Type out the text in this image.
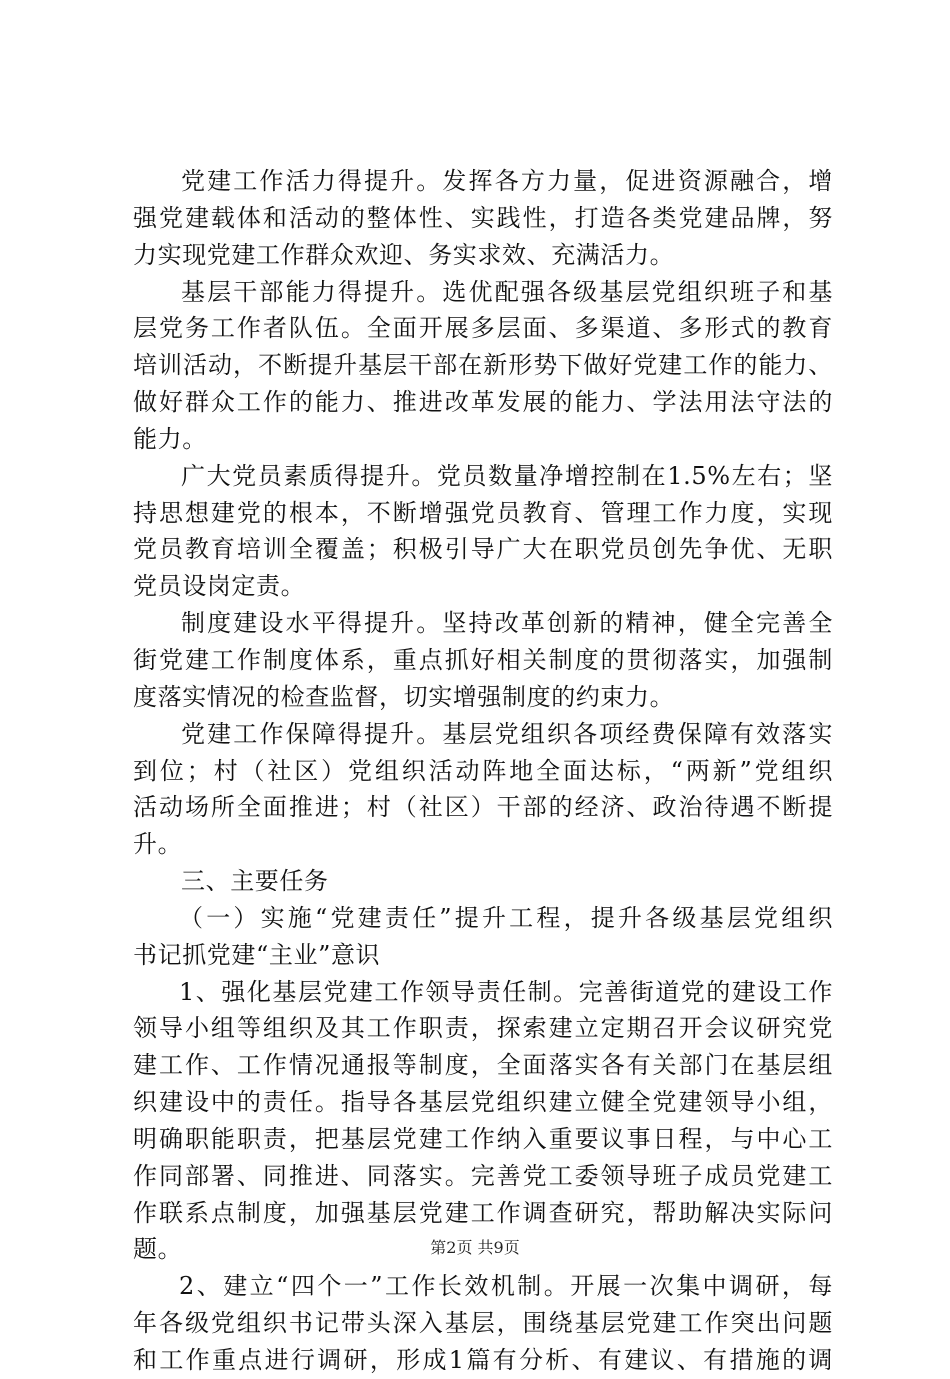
党建工作活力得提升。发挥各方力量，促进资源融合，增
强党建载体和活动的整体性、实践性，打造各类党建品牌，努
力实现党建工作群众欢迎、务实求效、充满活力。
基层干部能力得提升。选优配强各级基层党组织班子和基
层党务工作者队伍。全面开展多层面、多渠道、多形式的教育
培训活动，不断提升基层干部在新形势下做好党建工作的能力、
做好群众工作的能力、推进改革发展的能力、学法用法守法的
能力。
广大党员素质得提升。党员数量净增控制在1.5%左右；坚
持思想建党的根本，不断增强党员教育、管理工作力度，实现
党员教育培训全覆盖；积极引导广大在职党员创先争优、无职
党员设岗定责。
制度建设水平得提升。坚持改革创新的精神，健全完善全
街党建工作制度体系，重点抓好相关制度的贯彻落实，加强制
度落实情况的检查监督，切实增强制度的约束力。
党建工作保障得提升。基层党组织各项经费保障有效落实
到位；村（社区）党组织活动阵地全面达标，“两新”党组织
活动场所全面推进；村（社区）干部的经济、政治待遇不断提
升。
三、主要任务
（一）实施“党建责任”提升工程，提升各级基层党组织
书记抓党建“主业”意识
1、强化基层党建工作领导责任制。完善街道党的建设工作
领导小组等组织及其工作职责，探索建立定期召开会议研究党
建工作、工作情况通报等制度，全面落实各有关部门在基层组
织建设中的责任。指导各基层党组织建立健全党建领导小组，
明确职能职责，把基层党建工作纳入重要议事日程，与中心工
作同部署、同推进、同落实。完善党工委领导班子成员党建工
作联系点制度，加强基层党建工作调查研究，帮助解决实际问
题。
2、建立“四个一”工作长效机制。开展一次集中调研，每
年各级党组织书记带头深入基层，围绕基层党建工作突出问题
和工作重点进行调研，形成1篇有分析、有建议、有措施的调
第2页 共9页
